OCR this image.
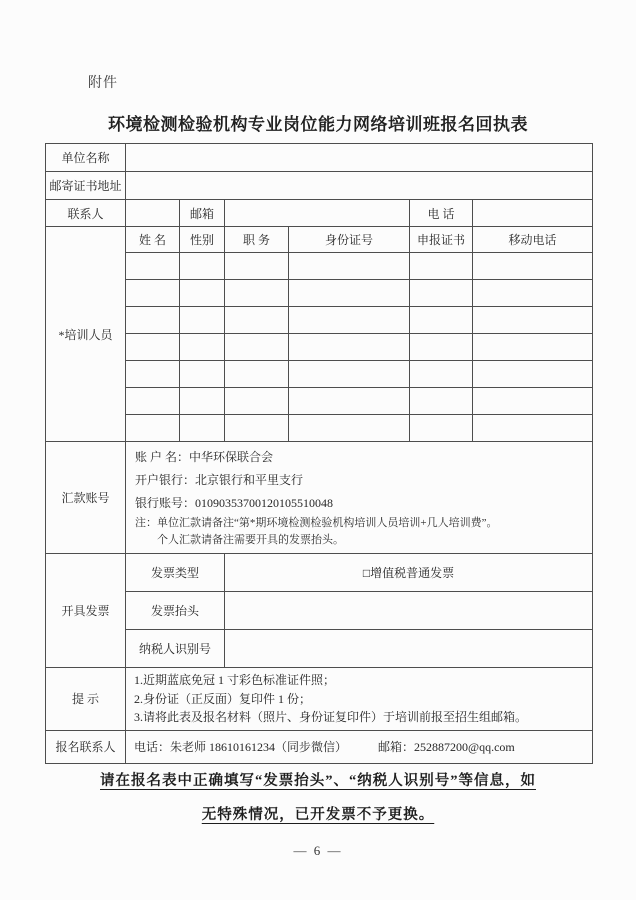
附件
环境检测检验机构专业岗位能力网络培训班报名回执表
单位名称						
邮寄证书地址						
联系人		邮箱			电 话	
*培训人员	姓 名	性别	职 务	身份证号	申报证书	移动电话

汇款账号	账 户 名：中华环保联合会
开户银行：北京银行和平里支行
银行账号：01090353700120105510048
注：单位汇款请备注“第*期环境检测检验机构培训人员培训+几人培训费”。
个人汇款请备注需要开具的发票抬头。					

开具发票	发票类型		□增值税普通发票			
	发票抬头					
	纳税人识别号					
提 示	1.近期蓝底免冠 1 寸彩色标准证件照；
2.身份证（正反面）复印件 1 份；
3.请将此表及报名材料（照片、身份证复印件）于培训前报至招生组邮箱。					

报名联系人	电话：朱老师 18610161234（同步微信） 邮箱：252887200@qq.com					
请在报名表中正确填写“发票抬头”、“纳税人识别号”等信息，如
无特殊情况，已开发票不予更换。
— 6 —
